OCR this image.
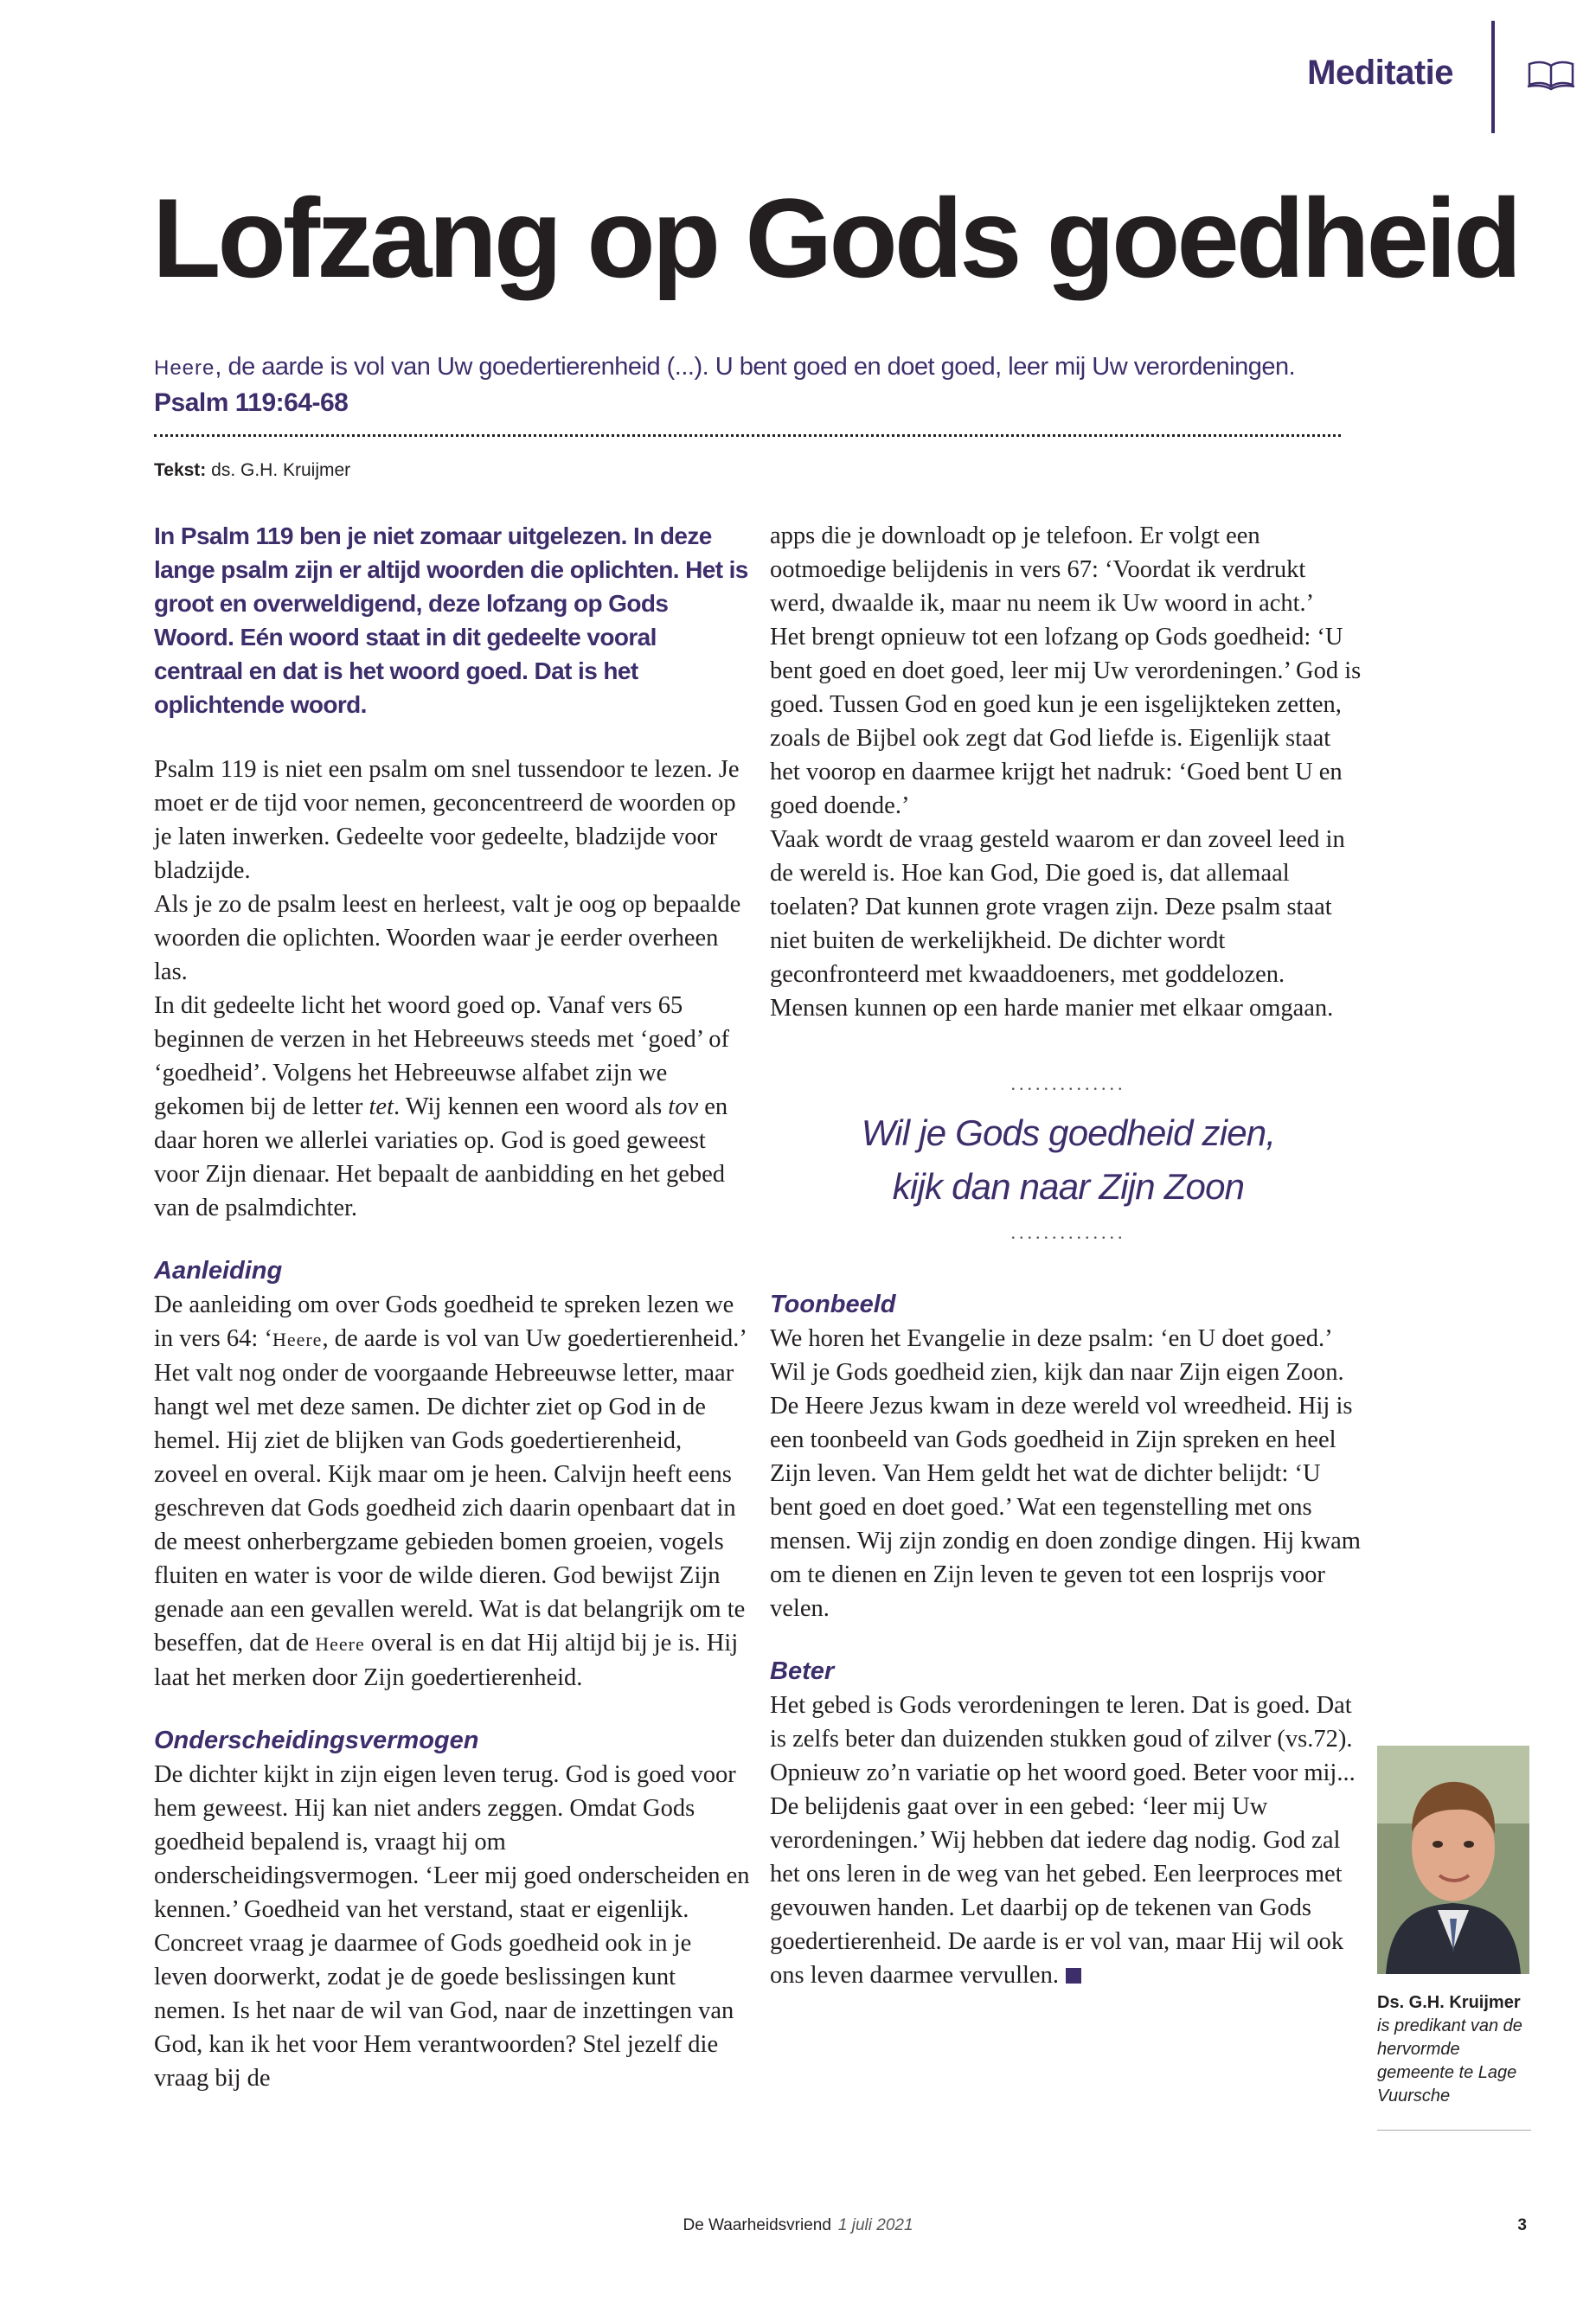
Meditatie
Lofzang op Gods goedheid
Heere, de aarde is vol van Uw goedertierenheid (...). U bent goed en doet goed, leer mij Uw verordeningen.
Psalm 119:64-68
Tekst: ds. G.H. Kruijmer

In Psalm 119 ben je niet zomaar uitgelezen. In deze lange psalm zijn er altijd woorden die oplichten. Het is groot en overweldigend, deze lofzang op Gods Woord. Eén woord staat in dit gedeelte vooral centraal en dat is het woord goed. Dat is het oplichtende woord.

Psalm 119 is niet een psalm om snel tussendoor te lezen. Je moet er de tijd voor nemen, geconcentreerd de woorden op je laten inwerken. Gedeelte voor gedeelte, bladzijde voor bladzijde.

Als je zo de psalm leest en herleest, valt je oog op bepaalde woorden die oplichten. Woorden waar je eerder overheen las.

In dit gedeelte licht het woord goed op. Vanaf vers 65 beginnen de verzen in het Hebreeuws steeds met ‘goed’ of ‘goedheid’. Volgens het Hebreeuwse alfabet zijn we gekomen bij de letter tet. Wij kennen een woord als tov en daar horen we allerlei variaties op. God is goed geweest voor Zijn dienaar. Het bepaalt de aanbidding en het gebed van de psalmdichter.

Aanleiding

De aanleiding om over Gods goedheid te spreken lezen we in vers 64: ‘Heere, de aarde is vol van Uw goedertierenheid.’ Het valt nog onder de voorgaande Hebreeuwse letter, maar hangt wel met deze samen. De dichter ziet op God in de hemel. Hij ziet de blijken van Gods goedertierenheid, zoveel en overal. Kijk maar om je heen. Calvijn heeft eens geschreven dat Gods goedheid zich daarin openbaart dat in de meest onherbergzame gebieden bomen groeien, vogels fluiten en water is voor de wilde dieren. God bewijst Zijn genade aan een gevallen wereld. Wat is dat belangrijk om te beseffen, dat de Heere overal is en dat Hij altijd bij je is. Hij laat het merken door Zijn goedertierenheid.

Onderscheidingsvermogen

De dichter kijkt in zijn eigen leven terug. God is goed voor hem geweest. Hij kan niet anders zeggen. Omdat Gods goedheid bepalend is, vraagt hij om onderscheidingsvermogen. ‘Leer mij goed onderscheiden en kennen.’ Goedheid van het verstand, staat er eigenlijk. Concreet vraag je daarmee of Gods goedheid ook in je leven doorwerkt, zodat je de goede beslissingen kunt nemen. Is het naar de wil van God, naar de inzettingen van God, kan ik het voor Hem verantwoorden? Stel jezelf die vraag bij de

apps die je downloadt op je telefoon. Er volgt een ootmoedige belijdenis in vers 67: ‘Voordat ik verdrukt werd, dwaalde ik, maar nu neem ik Uw woord in acht.’

Het brengt opnieuw tot een lofzang op Gods goedheid: ‘U bent goed en doet goed, leer mij Uw verordeningen.’ God is goed. Tussen God en goed kun je een isgelijkteken zetten, zoals de Bijbel ook zegt dat God liefde is. Eigenlijk staat het voorop en daarmee krijgt het nadruk: ‘Goed bent U en goed doende.’

Vaak wordt de vraag gesteld waarom er dan zoveel leed in de wereld is. Hoe kan God, Die goed is, dat allemaal toelaten? Dat kunnen grote vragen zijn. Deze psalm staat niet buiten de werkelijkheid. De dichter wordt geconfronteerd met kwaaddoeners, met goddelozen. Mensen kunnen op een harde manier met elkaar omgaan.

..............
Wil je Gods goedheid zien,
kijk dan naar Zijn Zoon
..............

Toonbeeld

We horen het Evangelie in deze psalm: ‘en U doet goed.’ Wil je Gods goedheid zien, kijk dan naar Zijn eigen Zoon. De Heere Jezus kwam in deze wereld vol wreedheid. Hij is een toonbeeld van Gods goedheid in Zijn spreken en heel Zijn leven. Van Hem geldt het wat de dichter belijdt: ‘U bent goed en doet goed.’ Wat een tegenstelling met ons mensen. Wij zijn zondig en doen zondige dingen. Hij kwam om te dienen en Zijn leven te geven tot een losprijs voor velen.

Beter

Het gebed is Gods verordeningen te leren. Dat is goed. Dat is zelfs beter dan duizenden stukken goud of zilver (vs.72). Opnieuw zo’n variatie op het woord goed. Beter voor mij... De belijdenis gaat over in een gebed: ‘leer mij Uw verordeningen.’ Wij hebben dat iedere dag nodig. God zal het ons leren in de weg van het gebed. Een leerproces met gevouwen handen. Let daarbij op de tekenen van Gods goedertierenheid. De aarde is er vol van, maar Hij wil ook ons leven daarmee vervullen.

Ds. G.H. Kruijmer
is predikant van de hervormde gemeente te Lage Vuursche
De Waarheidsvriend 1 juli 2021	3
